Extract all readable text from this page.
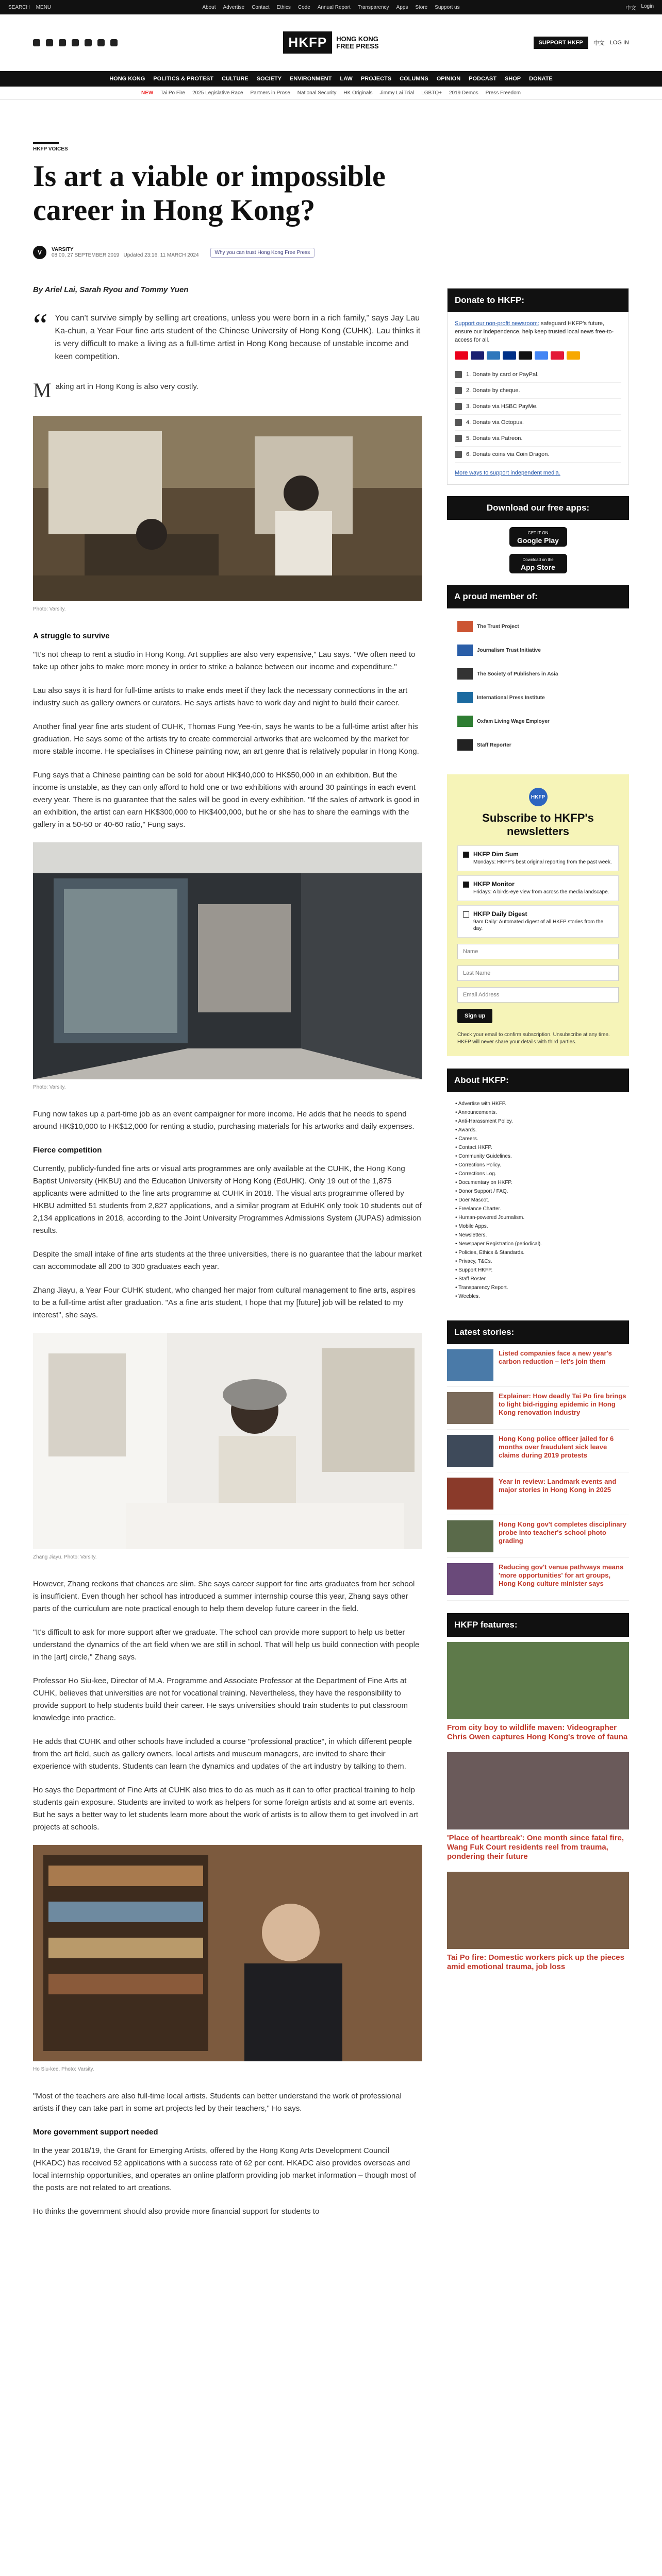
SEARCH MENU	About Advertise Contact Ethics Code Annual Report Transparency Apps Store Support us	中文 Login
HKFP	HONG KONG
FREE PRESS	SUPPORT HKFP	中文 LOG IN
HONG KONG POLITICS & PROTEST CULTURE SOCIETY ENVIRONMENT LAW PROJECTS COLUMNS OPINION PODCAST SHOP DONATE
NEW Tai Po Fire 2025 Legislative Race Partners in Prose National Security HK Originals Jimmy Lai Trial LGBTQ+ 2019 Demos Press Freedom
HKFP VOICES
Is art a viable or impossible career in Hong Kong?
V	VARSITY
08:00, 27 SEPTEMBER 2019 Updated 23:16, 11 MARCH 2024	Why you can trust Hong Kong Free Press
By Ariel Lai, Sarah Ryou and Tommy Yuen
“ You can't survive simply by selling art creations, unless you were born in a rich family," says Jay Lau Ka-chun, a Year Four fine arts student of the Chinese University of Hong Kong (CUHK). Lau thinks it is very difficult to make a living as a full-time artist in Hong Kong because of unstable income and keen competition.

Making art in Hong Kong is also very costly.

Photo: Varsity.
A struggle to survive

"It's not cheap to rent a studio in Hong Kong. Art supplies are also very expensive," Lau says. "We often need to take up other jobs to make more money in order to strike a balance between our income and expenditure."

Lau also says it is hard for full-time artists to make ends meet if they lack the necessary connections in the art industry such as gallery owners or curators. He says artists have to work day and night to build their career.

Another final year fine arts student of CUHK, Thomas Fung Yee-tin, says he wants to be a full-time artist after his graduation. He says some of the artists try to create commercial artworks that are welcomed by the market for more stable income. He specialises in Chinese painting now, an art genre that is relatively popular in Hong Kong.

Fung says that a Chinese painting can be sold for about HK$40,000 to HK$50,000 in an exhibition. But the income is unstable, as they can only afford to hold one or two exhibitions with around 30 paintings in each event every year. There is no guarantee that the sales will be good in every exhibition. "If the sales of artwork is good in an exhibition, the artist can earn HK$300,000 to HK$400,000, but he or she has to share the earnings with the gallery in a 50-50 or 40-60 ratio," Fung says.

Photo: Varsity.

Fung now takes up a part-time job as an event campaigner for more income. He adds that he needs to spend around HK$10,000 to HK$12,000 for renting a studio, purchasing materials for his artworks and daily expenses.

Fierce competition

Currently, publicly-funded fine arts or visual arts programmes are only available at the CUHK, the Hong Kong Baptist University (HKBU) and the Education University of Hong Kong (EdUHK). Only 19 out of the 1,875 applicants were admitted to the fine arts programme at CUHK in 2018. The visual arts programme offered by HKBU admitted 51 students from 2,827 applications, and a similar program at EduHK only took 10 students out of 2,134 applications in 2018, according to the Joint University Programmes Admissions System (JUPAS) admission results.

Despite the small intake of fine arts students at the three universities, there is no guarantee that the labour market can accommodate all 200 to 300 graduates each year.

Zhang Jiayu, a Year Four CUHK student, who changed her major from cultural management to fine arts, aspires to be a full-time artist after graduation. "As a fine arts student, I hope that my [future] job will be related to my interest", she says.

Zhang Jiayu. Photo: Varsity.

However, Zhang reckons that chances are slim. She says career support for fine arts graduates from her school is insufficient. Even though her school has introduced a summer internship course this year, Zhang says other parts of the curriculum are note practical enough to help them develop future career in the field.

"It's difficult to ask for more support after we graduate. The school can provide more support to help us better understand the dynamics of the art field when we are still in school. That will help us build connection with people in the [art] circle," Zhang says.

Professor Ho Siu-kee, Director of M.A. Programme and Associate Professor at the Department of Fine Arts at CUHK, believes that universities are not for vocational training. Nevertheless, they have the responsibility to provide support to help students build their career. He says universities should train students to put classroom knowledge into practice.

He adds that CUHK and other schools have included a course "professional practice", in which different people from the art field, such as gallery owners, local artists and museum managers, are invited to share their experience with students. Students can learn the dynamics and updates of the art industry by talking to them.

Ho says the Department of Fine Arts at CUHK also tries to do as much as it can to offer practical training to help students gain exposure. Students are invited to work as helpers for some foreign artists and at some art events. But he says a better way to let students learn more about the work of artists is to allow them to get involved in art projects at schools.

Ho Siu-kee. Photo: Varsity.

"Most of the teachers are also full-time local artists. Students can better understand the work of professional artists if they can take part in some art projects led by their teachers," Ho says.

More government support needed

In the year 2018/19, the Grant for Emerging Artists, offered by the Hong Kong Arts Development Council (HKADC) has received 52 applications with a success rate of 62 per cent. HKADC also provides overseas and local internship opportunities, and operates an online platform providing job market information – though most of the posts are not related to art creations.

Ho thinks the government should also provide more financial support for students to

Donate to HKFP:
Support our non-profit newsroom: safeguard HKFP's future, ensure our independence, help keep trusted local news free-to-access for all.
1. Donate by card or PayPal.
2. Donate by cheque.
3. Donate via HSBC PayMe.
4. Donate via Octopus.
5. Donate via Patreon.
6. Donate coins via Coin Dragon.
More ways to support independent media.
Download our free apps:
GET IT ON
Google Play
Download on the
App Store
A proud member of:
The Trust Project
Journalism Trust Initiative
The Society of Publishers in Asia
International Press Institute
Oxfam Living Wage Employer
Staff Reporter
HKFP
Subscribe to HKFP's newsletters
HKFP Dim Sum
Mondays: HKFP's best original reporting from the past week.
HKFP Monitor
Fridays: A birds-eye view from across the media landscape.
HKFP Daily Digest
9am Daily: Automated digest of all HKFP stories from the day.
Name
Last Name
Email Address
Sign up
Check your email to confirm subscription. Unsubscribe at any time. HKFP will never share your details with third parties.
About HKFP:
• Advertise with HKFP.
• Announcements.
• Anti-Harassment Policy.
• Awards.
• Careers.
• Contact HKFP.
• Community Guidelines.
• Corrections Policy.
• Corrections Log.
• Documentary on HKFP.
• Donor Support / FAQ.
• Doer Mascot.
• Freelance Charter.
• Human-powered Journalism.
• Mobile Apps.
• Newsletters.
• Newspaper Registration (periodical).
• Policies, Ethics & Standards.
• Privacy, T&Cs.
• Support HKFP.
• Staff Roster.
• Transparency Report.
• Weebles.
Latest stories:
Listed companies face a new year's carbon reduction – let's join them
Explainer: How deadly Tai Po fire brings to light bid-rigging epidemic in Hong Kong renovation industry
Hong Kong police officer jailed for 6 months over fraudulent sick leave claims during 2019 protests
Year in review: Landmark events and major stories in Hong Kong in 2025
Hong Kong gov't completes disciplinary probe into teacher's school photo grading
Reducing gov't venue pathways means 'more opportunities' for art groups, Hong Kong culture minister says
HKFP features:
From city boy to wildlife maven: Videographer Chris Owen captures Hong Kong's trove of fauna
'Place of heartbreak': One month since fatal fire, Wang Fuk Court residents reel from trauma, pondering their future
Tai Po fire: Domestic workers pick up the pieces amid emotional trauma, job loss
